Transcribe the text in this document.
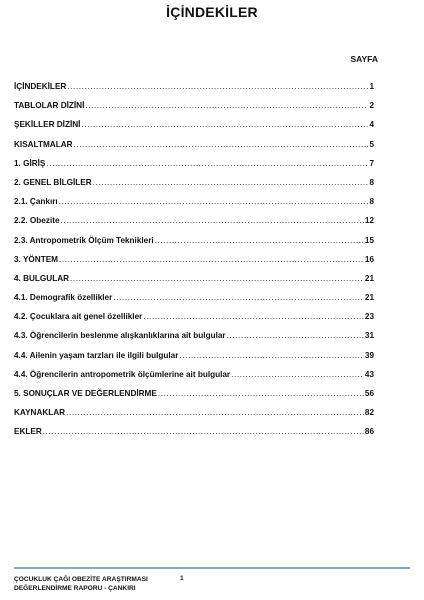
İÇİNDEKİLER
SAYFA
İÇİNDEKİLER .....	1
TABLOLAR DİZİNİ .....	2
ŞEKİLLER DİZİNİ .....	4
KISALTMALAR .....	5
1. GİRİŞ .....	7
2. GENEL BİLGİLER .....	8
2.1. Çankırı .....	8
2.2. Obezite .....	12
2.3. Antropometrik Ölçüm Teknikleri .....	15
3. YÖNTEM .....	16
4. BULGULAR .....	21
4.1. Demografik özellikler .....	21
4.2. Çocuklara ait genel özellikler .....	23
4.3. Öğrencilerin beslenme alışkanlıklarına ait bulgular .....	31
4.4. Ailenin yaşam tarzları ile ilgili bulgular .....	39
4.4. Öğrencilerin antropometrik ölçümlerine ait bulgular .....	43
5. SONUÇLAR VE DEĞERLENDİRME .....	56
KAYNAKLAR .....	82
EKLER .....	86
ÇOCUKLUK ÇAĞI OBEZİTE ARAŞTIRMASI
DEĞERLENDİRME RAPORU - ÇANKIRI
1
